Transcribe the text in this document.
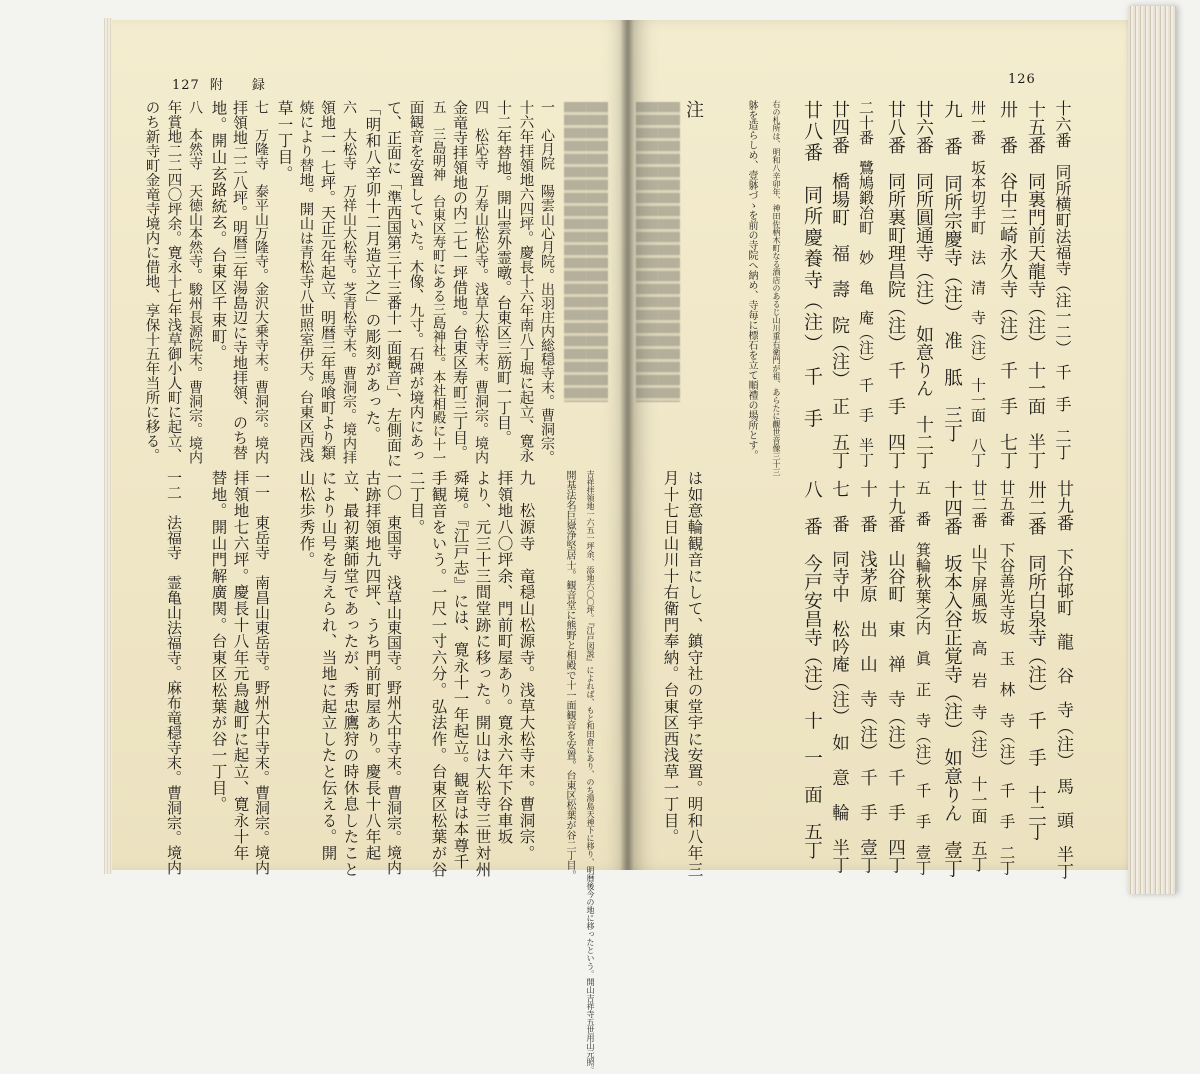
127 附　録	126
十六番　同所横町法福寺（注一二）　千　手　二丁
十五番　同裏門前天龍寺（注）　十一面　半丁
卅　番　谷中三崎永久寺（注）　千　手　七丁
卅一番　坂本切手町　法　清　寺（注）　十一面　八丁
九　番　同所宗慶寺（注）　准　胝　三丁
廿六番　同所圓通寺（注）　如意りん　十二丁
廿八番　同所裏町理昌院（注）　千　手　四丁
二十番　鷺鳩鍛冶町　妙　亀　庵（注）　千　手　半丁
廿四番　橋場町　福　壽　院（注）　正　五丁
廿八番　同所慶養寺（注）　千　手
廿九番　下谷邨町　龍　谷　寺（注）　馬　頭　半丁
卅二番　同所白泉寺（注）　千　手　十二丁
廿五番　下谷善光寺坂　玉　林　寺（注）　千　手　二丁
廿二番　山下屏風坂　高　岩　寺（注）　十一面　五丁
十四番　坂本入谷正覚寺（注）　如意りん　壹丁
五　番　箕輪秋葉之内　眞　正　寺（注）　千　手　壹丁
十九番　山谷町　東　禅　寺（注）　千　手　四丁
十　番　浅茅原　出　山　寺（注）　千　手　壹丁
七　番　同寺中　松吟庵（注）　如　意　輪　半丁
八　番　今戸安昌寺（注）　十　一　面　五丁
右の札所は、明和八辛卯年、神田佐柄木町なる酒店のあるじ山川重右衛門が祖、あらたに觀世音像三十三
躰を造らしめ、壹躰づゝを前の寺院へ納め、寺毎に標石を立て順禮の場所とす。
注
は如意輪観音にして、鎮守社の堂宇に安置。明和八年三
月十七日山川十右衛門奉納。台東区西浅草一丁目。
一　心月院　陽雲山心月院。出羽庄内総穏寺末。曹洞宗。
十六年拝領地六四坪。慶長十六年南八丁堀に起立、寛永
十二年替地。開山雲外霊暾。台東区三筋町一丁目。
四　松応寺　万寿山松応寺。浅草大松寺末。曹洞宗。境内
金竜寺拝領地の内二七一坪借地。台東区寿町三丁目。
五　三島明神　台東区寿町にある三島神社。本社相殿に十一
面観音を安置していた。木像、九寸。石碑が境内にあっ
て、正面に「準西国第三十三番十一面観音」、左側面に
「明和八辛卯十二月造立之」の彫刻があった。
六　大松寺　万祥山大松寺。芝青松寺末。曹洞宗。境内拝
領地一一七坪。天正元年起立、明暦三年馬喰町より類
焼により替地。開山は青松寺八世照室伊天。台東区西浅
草一丁目。
七　万隆寺　泰平山万隆寺。金沢大乗寺末。曹洞宗。境内
拝領地二二八坪。明暦三年湯島辺に寺地拝領、のち替
地。開山玄路統玄。台東区千束町。
八　本然寺　天徳山本然寺。駿州長源院末。曹洞宗。境内
年賞地二二四〇坪余。寛永十七年浅草御小人町に起立、
のち新寺町金竜寺境内に借地、享保十五年当所に移る。
吉祥拝領地一六五一坪余、添地六〇〇坪。『江戸図説』によれば、もと和田倉にあり、のち湯島天神下に移り、明暦後今の地に移ったという。開山吉祥寺五世用山元照。
開基法名巨嶽浄堅居士。観音堂に熊野と相殿で十一面観音を安置。台東区松葉が谷二丁目。
九　松源寺　竜穏山松源寺。浅草大松寺末。曹洞宗。
拝領地八〇坪余、門前町屋あり。寛永六年下谷車坂
より、元三十三間堂跡に移った。開山は大松寺三世対州
舜境。『江戸志』には、寛永十一年起立。観音は本尊千
手観音をいう。一尺一寸六分。弘法作。台東区松葉が谷
二丁目。
一〇　東国寺　浅草山東国寺。野州大中寺末。曹洞宗。境内
古跡拝領地九四坪、うち門前町屋あり。慶長十八年起
立、最初薬師堂であったが、秀忠鷹狩の時休息したこと
により山号を与えられ、当地に起立したと伝える。開
山松歩秀作。
一一　東岳寺　南昌山東岳寺。野州大中寺末。曹洞宗。境内
拝領地七六坪。慶長十八年元鳥越町に起立、寛永十年
替地。開山門解廣関。台東区松葉が谷一丁目。
一二　法福寺　霊亀山法福寺。麻布竜穏寺末。曹洞宗。境内
